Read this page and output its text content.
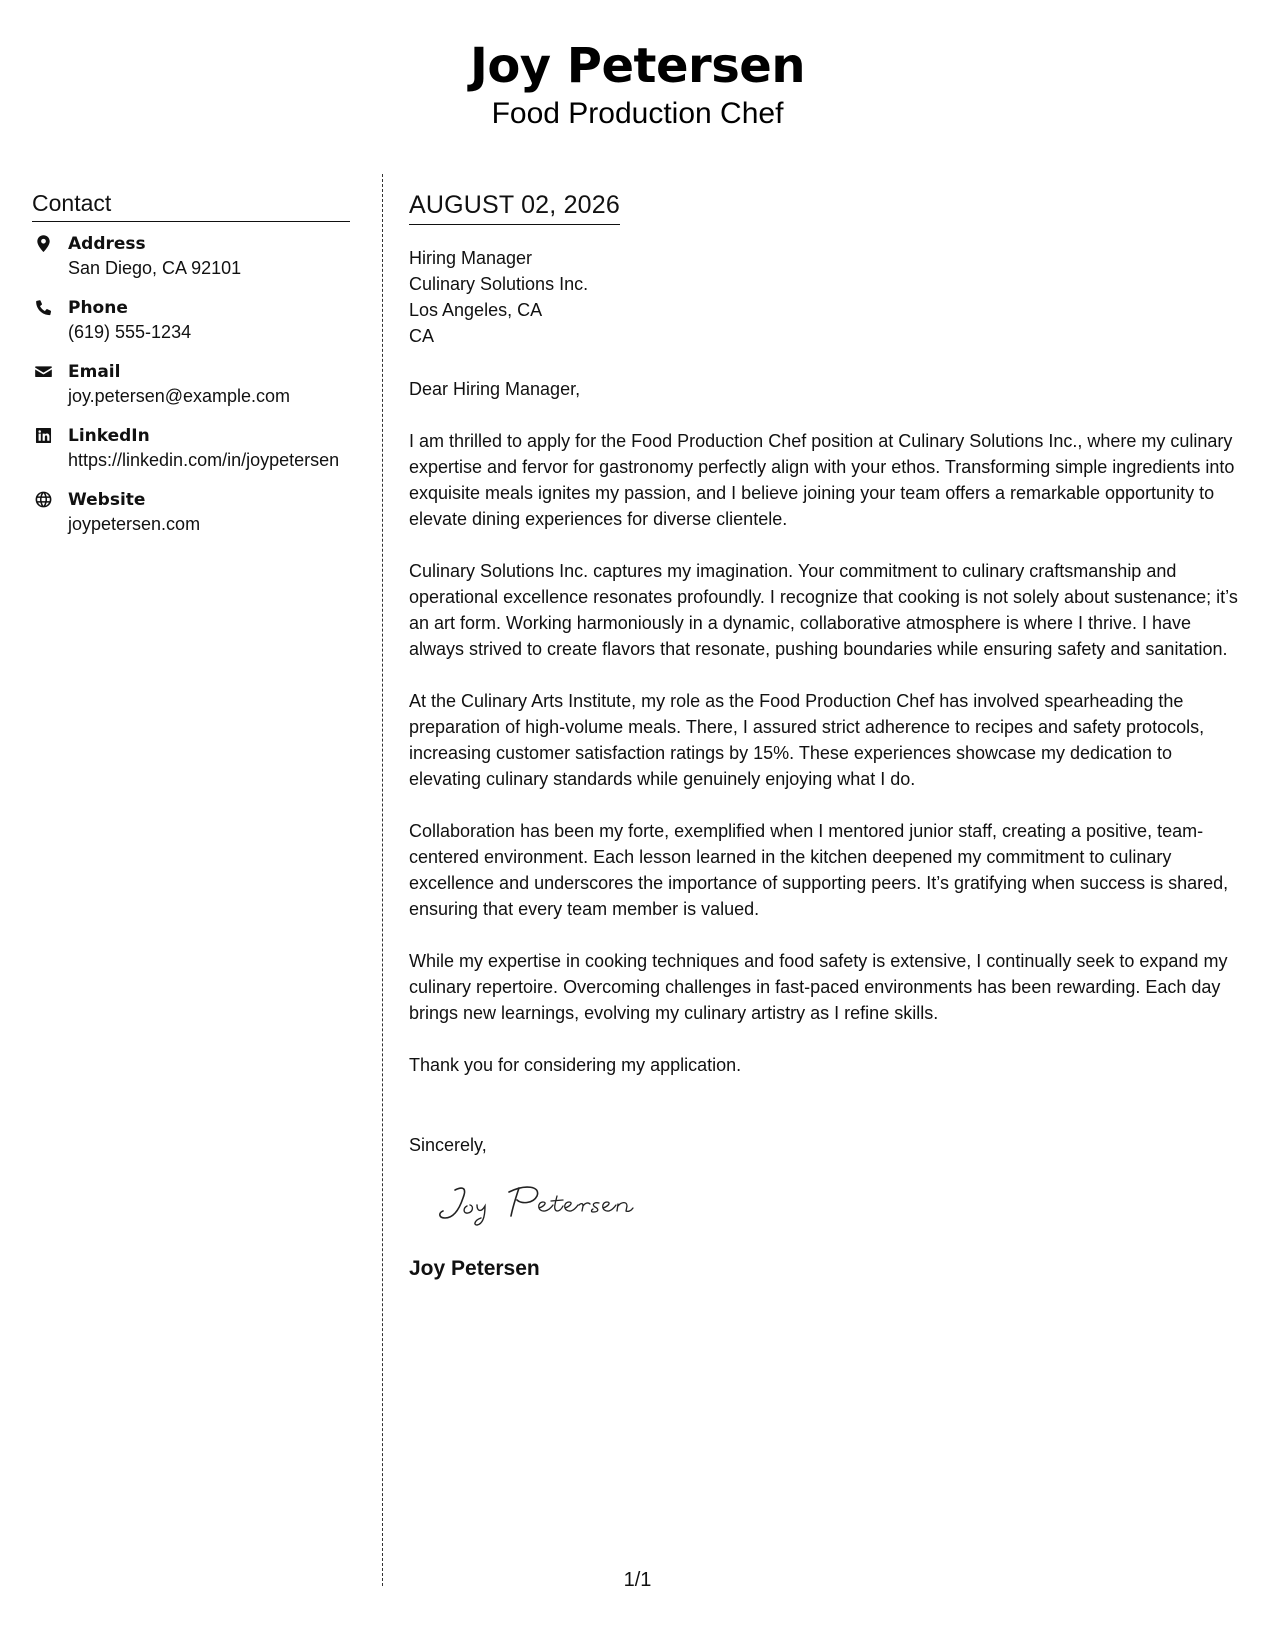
Joy Petersen
Food Production Chef
Contact
Address
San Diego, CA 92101
Phone
(619) 555-1234
Email
joy.petersen@example.com
LinkedIn
https://linkedin.com/in/joypetersen
Website
joypetersen.com
AUGUST 02, 2026
Hiring Manager
Culinary Solutions Inc.
Los Angeles, CA
CA
Dear Hiring Manager,
I am thrilled to apply for the Food Production Chef position at Culinary Solutions Inc., where my culinary expertise and fervor for gastronomy perfectly align with your ethos. Transforming simple ingredients into exquisite meals ignites my passion, and I believe joining your team offers a remarkable opportunity to elevate dining experiences for diverse clientele.
Culinary Solutions Inc. captures my imagination. Your commitment to culinary craftsmanship and operational excellence resonates profoundly. I recognize that cooking is not solely about sustenance; it’s an art form. Working harmoniously in a dynamic, collaborative atmosphere is where I thrive. I have always strived to create flavors that resonate, pushing boundaries while ensuring safety and sanitation.
At the Culinary Arts Institute, my role as the Food Production Chef has involved spearheading the preparation of high-volume meals. There, I assured strict adherence to recipes and safety protocols, increasing customer satisfaction ratings by 15%. These experiences showcase my dedication to elevating culinary standards while genuinely enjoying what I do.
Collaboration has been my forte, exemplified when I mentored junior staff, creating a positive, team-centered environment. Each lesson learned in the kitchen deepened my commitment to culinary excellence and underscores the importance of supporting peers. It’s gratifying when success is shared, ensuring that every team member is valued.
While my expertise in cooking techniques and food safety is extensive, I continually seek to expand my culinary repertoire. Overcoming challenges in fast-paced environments has been rewarding. Each day brings new learnings, evolving my culinary artistry as I refine skills.
Thank you for considering my application.
Sincerely,
Joy Petersen
1/1
